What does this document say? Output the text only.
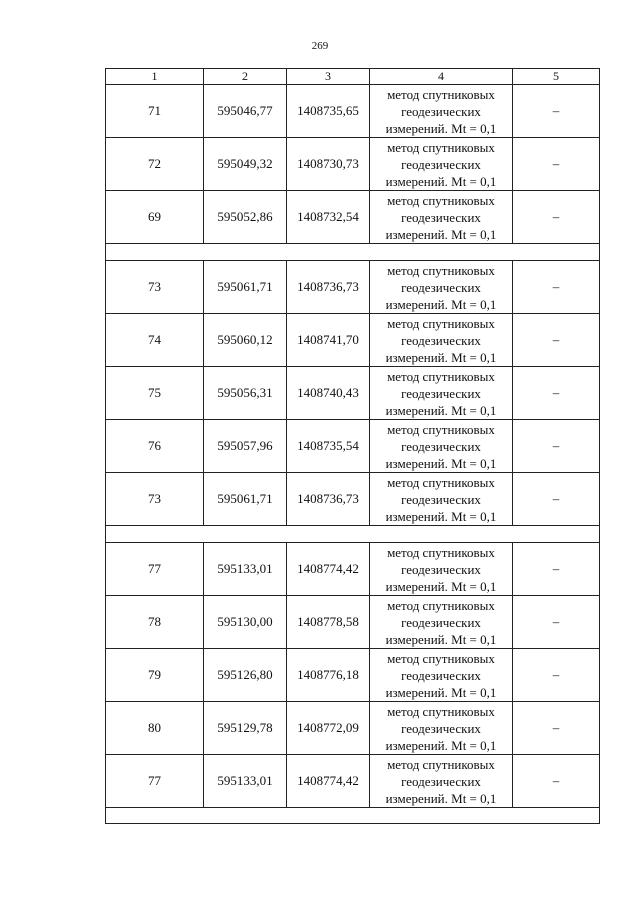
269
1	2	3	4	5
71	595046,77	1408735,65	метод спутниковых
геодезических
измерений. Mt = 0,1	–
72	595049,32	1408730,73	метод спутниковых
геодезических
измерений. Mt = 0,1	–
69	595052,86	1408732,54	метод спутниковых
геодезических
измерений. Mt = 0,1	–

73	595061,71	1408736,73	метод спутниковых
геодезических
измерений. Mt = 0,1	–
74	595060,12	1408741,70	метод спутниковых
геодезических
измерений. Mt = 0,1	–
75	595056,31	1408740,43	метод спутниковых
геодезических
измерений. Mt = 0,1	–
76	595057,96	1408735,54	метод спутниковых
геодезических
измерений. Mt = 0,1	–
73	595061,71	1408736,73	метод спутниковых
геодезических
измерений. Mt = 0,1	–

77	595133,01	1408774,42	метод спутниковых
геодезических
измерений. Mt = 0,1	–
78	595130,00	1408778,58	метод спутниковых
геодезических
измерений. Mt = 0,1	–
79	595126,80	1408776,18	метод спутниковых
геодезических
измерений. Mt = 0,1	–
80	595129,78	1408772,09	метод спутниковых
геодезических
измерений. Mt = 0,1	–
77	595133,01	1408774,42	метод спутниковых
геодезических
измерений. Mt = 0,1	–
